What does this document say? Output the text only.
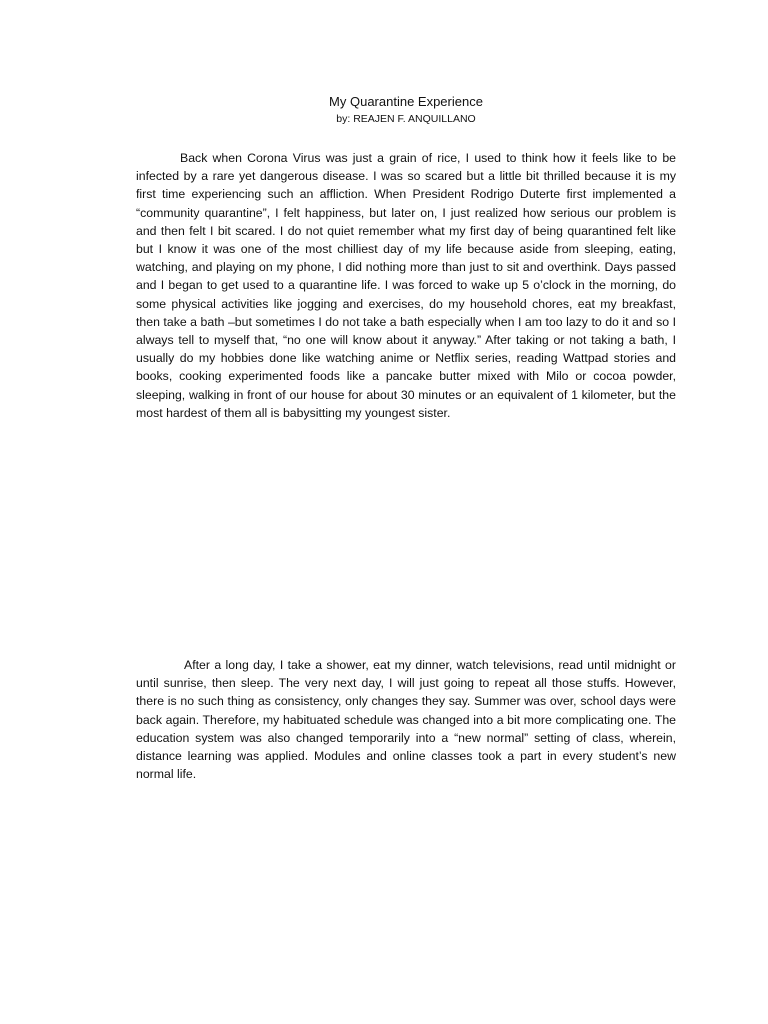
My Quarantine Experience

by: REAJEN F. ANQUILLANO

Back when Corona Virus was just a grain of rice, I used to think how it feels like to be infected by a rare yet dangerous disease. I was so scared but a little bit thrilled because it is my first time experiencing such an affliction. When President Rodrigo Duterte first implemented a “community quarantine”, I felt happiness, but later on, I just realized how serious our problem is and then felt I bit scared. I do not quiet remember what my first day of being quarantined felt like but I know it was one of the most chilliest day of my life because aside from sleeping, eating, watching, and playing on my phone, I did nothing more than just to sit and overthink. Days passed and I began to get used to a quarantine life. I was forced to wake up 5 o’clock in the morning, do some physical activities like jogging and exercises, do my household chores, eat my breakfast, then take a bath –but sometimes I do not take a bath especially when I am too lazy to do it and so I always tell to myself that, “no one will know about it anyway.” After taking or not taking a bath, I usually do my hobbies done like watching anime or Netflix series, reading Wattpad stories and books, cooking experimented foods like a pancake butter mixed with Milo or cocoa powder, sleeping, walking in front of our house for about 30 minutes or an equivalent of 1 kilometer, but the most hardest of them all is babysitting my youngest sister.

After a long day, I take a shower, eat my dinner, watch televisions, read until midnight or until sunrise, then sleep. The very next day, I will just going to repeat all those stuffs. However, there is no such thing as consistency, only changes they say. Summer was over, school days were back again. Therefore, my habituated schedule was changed into a bit more complicating one. The education system was also changed temporarily into a “new normal” setting of class, wherein, distance learning was applied. Modules and online classes took a part in every student’s new normal life.
